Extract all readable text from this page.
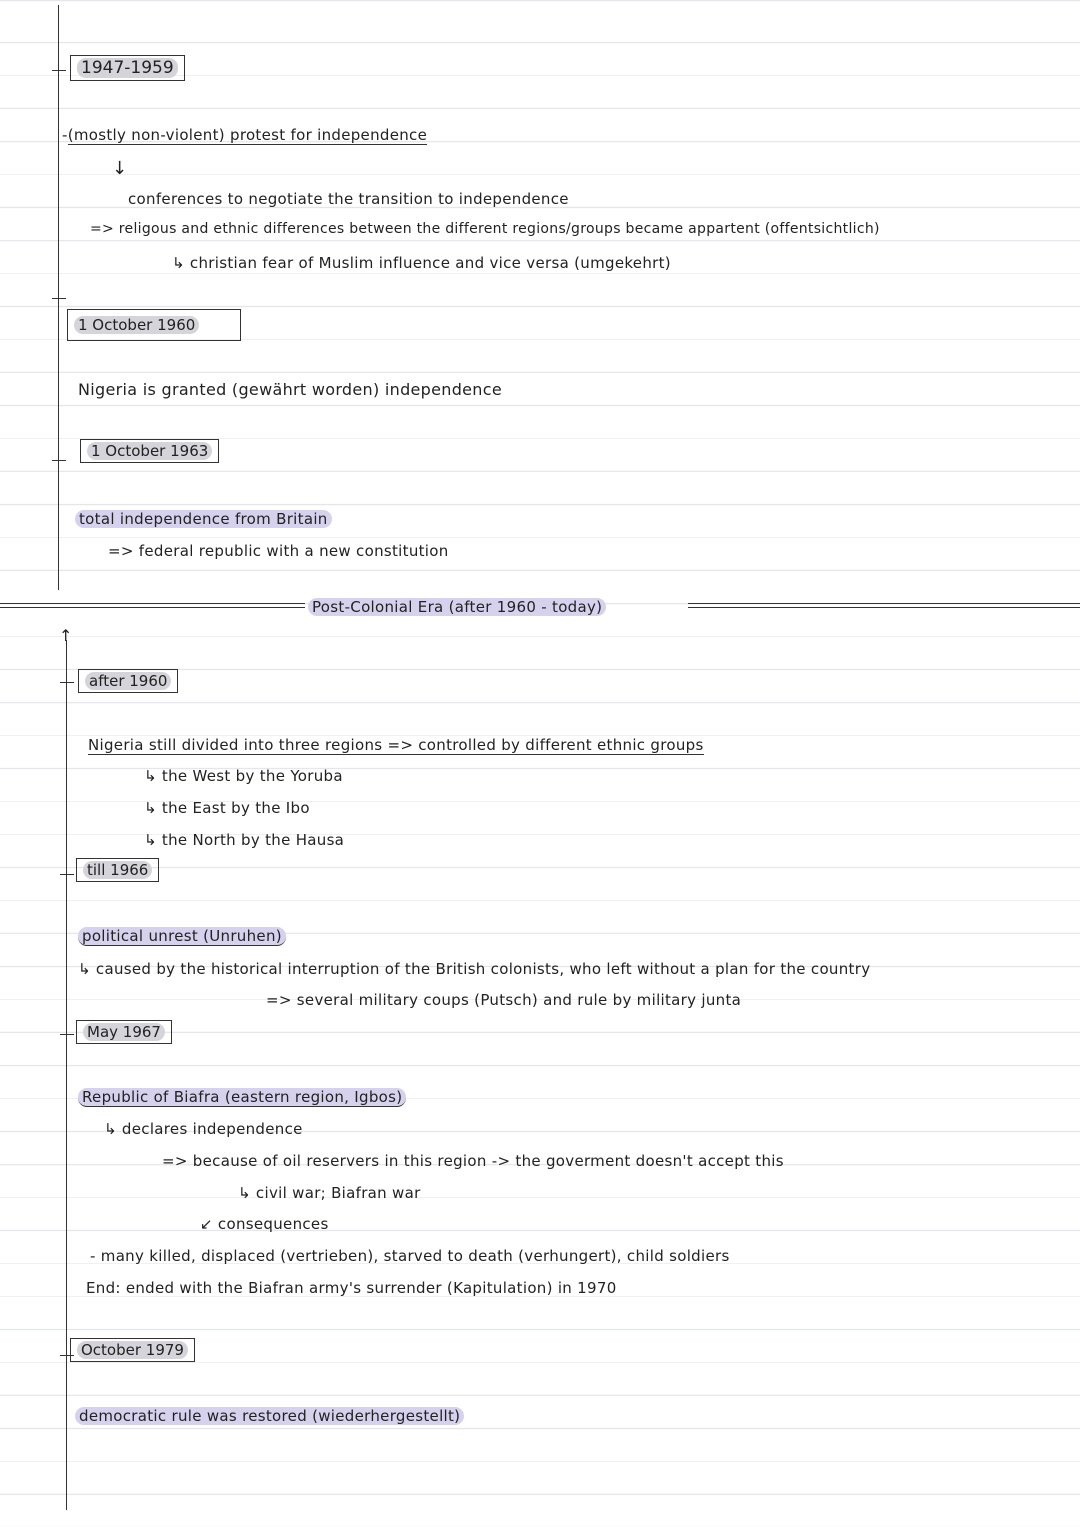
↑
1947-1959
-(mostly non-violent) protest for independence
↓
conferences to negotiate the transition to independence
=> religous and ethnic differences between the different regions/groups became appartent (offentsichtlich)
↳ christian fear of Muslim influence and vice versa (umgekehrt)
1 October 1960
Nigeria is granted (gewährt worden) independence
1 October 1963
total independence from Britain
=> federal republic with a new constitution
Post-Colonial Era (after 1960 - today)
after 1960
Nigeria still divided into three regions => controlled by different ethnic groups
↳ the West by the Yoruba
↳ the East by the Ibo
↳ the North by the Hausa
till 1966
political unrest (Unruhen)
↳ caused by the historical interruption of the British colonists, who left without a plan for the country
=> several military coups (Putsch) and rule by military junta
May 1967
Republic of Biafra (eastern region, Igbos)
↳ declares independence
=> because of oil reservers in this region -> the goverment doesn't accept this
↳ civil war; Biafran war
↙ consequences
- many killed, displaced (vertrieben), starved to death (verhungert), child soldiers
End: ended with the Biafran army's surrender (Kapitulation) in 1970
October 1979
democratic rule was restored (wiederhergestellt)
